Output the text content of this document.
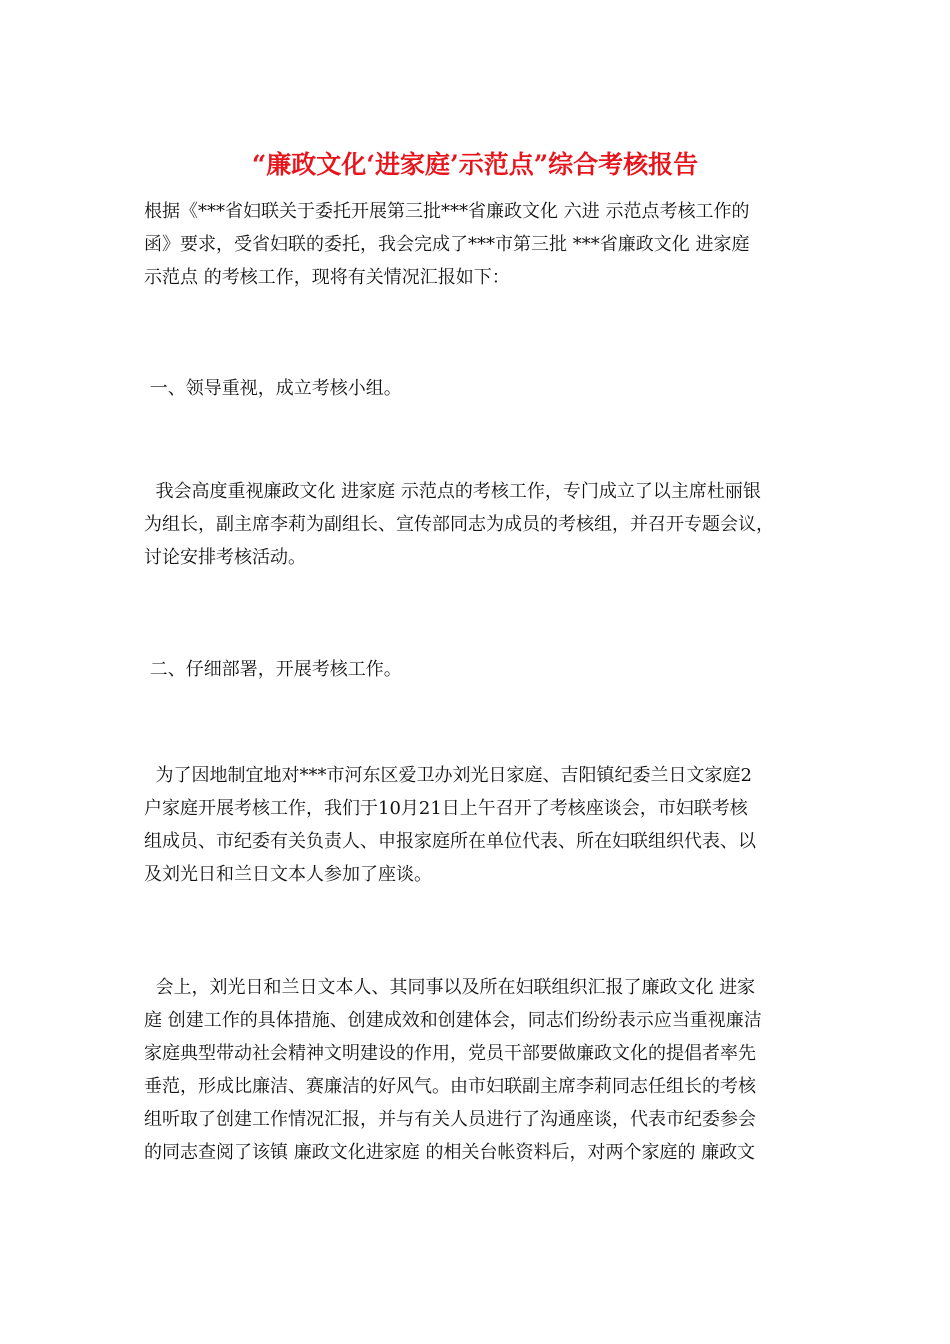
“廉政文化‘进家庭’示范点”综合考核报告
根据《***省妇联关于委托开展第三批***省廉政文化 六进 示范点考核工作的
函》要求，受省妇联的委托，我会完成了***市第三批 ***省廉政文化 进家庭
示范点 的考核工作，现将有关情况汇报如下：
一、领导重视，成立考核小组。
我会高度重视廉政文化 进家庭 示范点的考核工作，专门成立了以主席杜丽银
为组长，副主席李莉为副组长、宣传部同志为成员的考核组，并召开专题会议，
讨论安排考核活动。
二、仔细部署，开展考核工作。
为了因地制宜地对***市河东区爱卫办刘光日家庭、吉阳镇纪委兰日文家庭2
户家庭开展考核工作，我们于10月21日上午召开了考核座谈会，市妇联考核
组成员、市纪委有关负责人、申报家庭所在单位代表、所在妇联组织代表、以
及刘光日和兰日文本人参加了座谈。
会上，刘光日和兰日文本人、其同事以及所在妇联组织汇报了廉政文化 进家
庭 创建工作的具体措施、创建成效和创建体会，同志们纷纷表示应当重视廉洁
家庭典型带动社会精神文明建设的作用，党员干部要做廉政文化的提倡者率先
垂范，形成比廉洁、赛廉洁的好风气。由市妇联副主席李莉同志任组长的考核
组听取了创建工作情况汇报，并与有关人员进行了沟通座谈，代表市纪委参会
的同志查阅了该镇 廉政文化进家庭 的相关台帐资料后，对两个家庭的 廉政文
